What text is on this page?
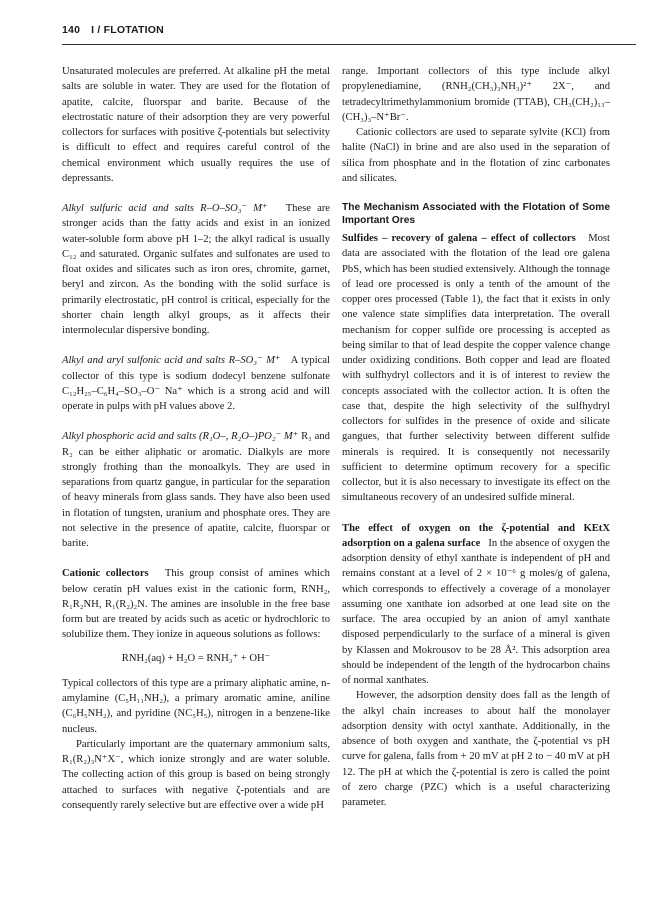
140 I / FLOTATION

Unsaturated molecules are preferred. At alkaline pH the metal salts are soluble in water. They are used for the flotation of apatite, calcite, fluorspar and barite. Because of the electrostatic nature of their adsorption they are very powerful collectors for surfaces with positive ζ-potentials but selectivity is difficult to effect and requires careful control of the chemical environment which usually requires the use of depressants.

Alkyl sulfuric acid and salts R–O–SO₃⁻ M⁺ These are stronger acids than the fatty acids and exist in an ionized water-soluble form above pH 1–2; the alkyl radical is usually C₁₂ and saturated. Organic sulfates and sulfonates are used to float oxides and silicates such as iron ores, chromite, garnet, beryl and zircon. As the bonding with the solid surface is primarily electrostatic, pH control is critical, especially for the shorter chain length alkyl groups, as it affects their intermolecular dispersive bonding.

Alkyl and aryl sulfonic acid and salts R–SO₃⁻ M⁺ A typical collector of this type is sodium dodecyl benzene sulfonate C₁₂H₂₅–C₆H₄–SO₃–O⁻ Na⁺ which is a strong acid and will operate in pulps with pH values above 2.

Alkyl phosphoric acid and salts (R₁O–, R₂O–)PO₂⁻ M⁺ R₁ and R₂ can be either aliphatic or aromatic. Dialkyls are more strongly frothing than the monoalkyls. They are used in separations from quartz gangue, in particular for the separation of heavy minerals from glass sands. They have also been used in flotation of tungsten, uranium and phosphate ores. They are not selective in the presence of apatite, calcite, fluorspar or barite.

Cationic collectors This group consist of amines which below ceratin pH values exist in the cationic form, RNH₂, R₁R₂NH, R₁(R₂)₂N. The amines are insoluble in the free base form but are treated by acids such as acetic or hydrochloric to solubilize them. They ionize in aqueous solutions as follows:

RNH₂(aq) + H₂O = RNH₃⁺ + OH⁻

Typical collectors of this type are a primary aliphatic amine, n-amylamine (C₅H₁₁NH₂), a primary aromatic amine, aniline (C₆H₅NH₂), and pyridine (NC₅H₅), nitrogen in a benzene-like nucleus.

Particularly important are the quaternary ammonium salts, R₁(R₂)₃N⁺X⁻, which ionize strongly and are water soluble. The collecting action of this group is based on being strongly attached to surfaces with negative ζ-potentials and are consequently rarely selective but are effective over a wide pH

range. Important collectors of this type include alkyl propylenediamine, (RNH₂(CH₃)₃NH₃)²⁺ 2X⁻, and tetradecyltrimethylammonium bromide (TTAB), CH₃(CH₂)₁₃–(CH₃)₃–N⁺Br⁻.

Cationic collectors are used to separate sylvite (KCl) from halite (NaCl) in brine and are also used in the separation of silica from phosphate and in the flotation of zinc carbonates and silicates.

The Mechanism Associated with the Flotation of Some Important Ores

Sulfides – recovery of galena – effect of collectors Most data are associated with the flotation of the lead ore galena PbS, which has been studied extensively. Although the tonnage of lead ore processed is only a tenth of the amount of the copper ores processed (Table 1), the fact that it exists in only one valence state simplifies data interpretation. The overall mechanism for copper sulfide ore processing is accepted as being similar to that of lead despite the copper valence change under oxidizing conditions. Both copper and lead are floated with sulfhydryl collectors and it is of interest to review the concepts associated with the collector action. It is often the case that, despite the high selectivity of the sulfhydryl collectors for sulfides in the presence of oxide and silicate gangues, that further selectivity between different sulfide minerals is required. It is consequently not necessarily sufficient to determine optimum recovery for a specific collector, but it is also necessary to investigate its effect on the simultaneous recovery of an undesired sulfide mineral.

The effect of oxygen on the ζ-potential and KEtX adsorption on a galena surface In the absence of oxygen the adsorption density of ethyl xanthate is independent of pH and remains constant at a level of 2 × 10⁻⁶ g moles/g of galena, which corresponds to effectively a coverage of a monolayer assuming one xanthate ion adsorbed at one lead site on the surface. The area occupied by an anion of amyl xanthate disposed perpendicularly to the surface of a mineral is given by Klassen and Mokrousov to be 28 Å². This adsorption area should be independent of the length of the hydrocarbon chains of normal xanthates.

However, the adsorption density does fall as the length of the alkyl chain increases to about half the monolayer adsorption density with octyl xanthate. Additionally, in the absence of both oxygen and xanthate, the ζ-potential vs pH curve for galena, falls from + 20 mV at pH 2 to − 40 mV at pH 12. The pH at which the ζ-potential is zero is called the point of zero charge (PZC) which is a useful characterizing parameter.
